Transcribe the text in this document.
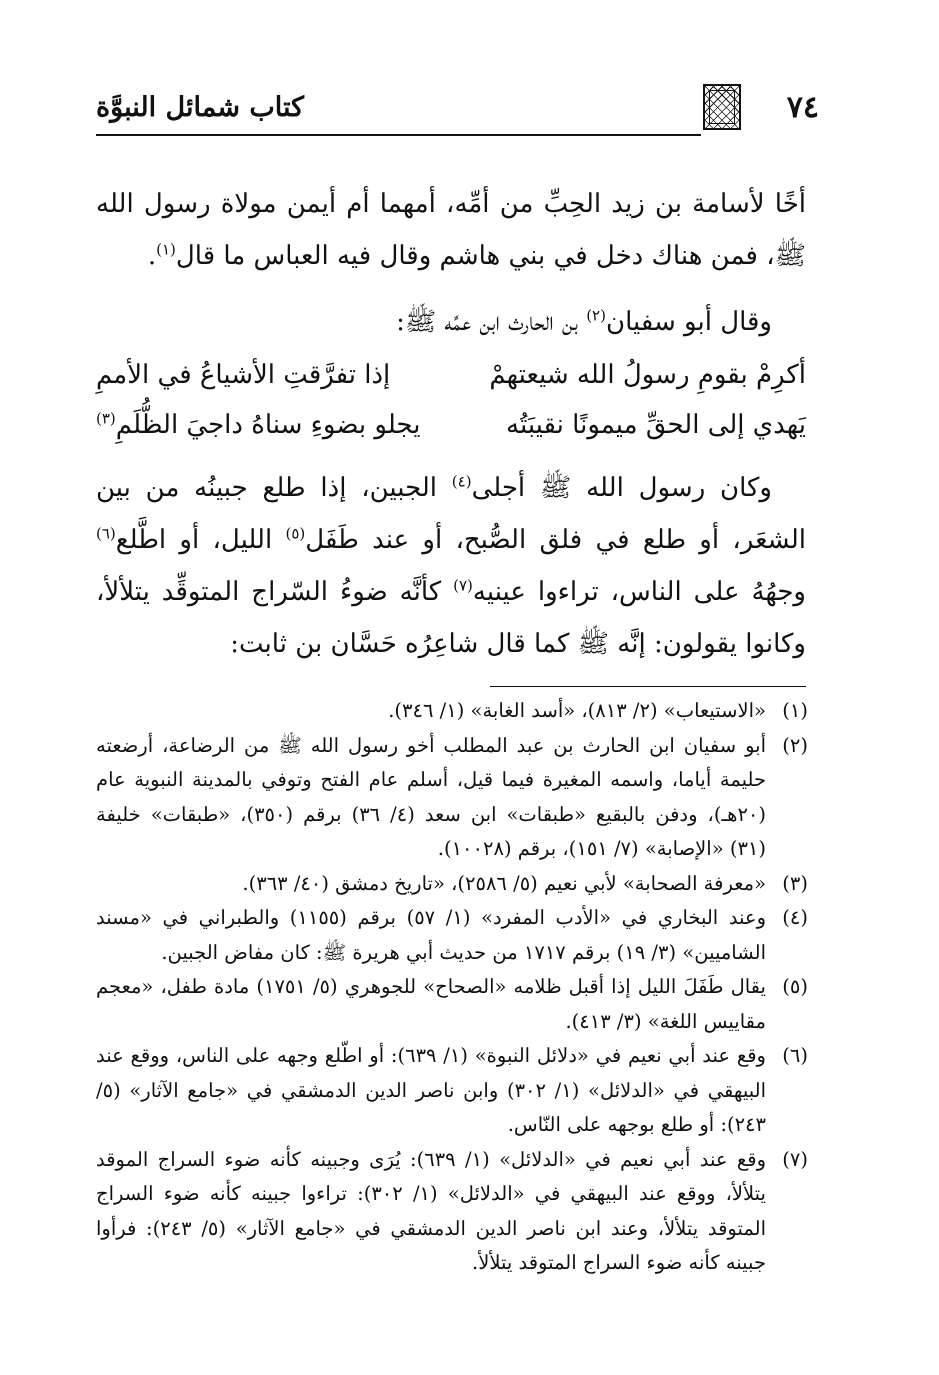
كتاب شمائل النبوَّة	٧٤

أخًا لأسامة بن زيد الحِبِّ من أمِّه، أمهما أم أيمن مولاة رسول الله ﷺ، فمن هناك دخل في بني هاشم وقال فيه العباس ما قال$^{(١)}$.

وقال أبو سفيان$^{(٢)}$ بن الحارث ابن عمِّه ﷺ:

أكرِمْ بقومِ رسولُ الله شيعتهمْ
إذا تفرَّقتِ الأشياعُ في الأممِ
يَهدي إلى الحقِّ ميمونًا نقيبَتُه
يجلو بضوءِ سناهُ داجيَ الظُّلَمِ$^{(٣)}$

وكان رسول الله ﷺ أجلى$^{(٤)}$ الجبين، إذا طلع جبينُه من بين الشعَر، أو طلع في فلق الصُّبح، أو عند طَفَل$^{(٥)}$ الليل، أو اطَّلع$^{(٦)}$ وجهُهُ على الناس، تراءوا عينيه$^{(٧)}$ كأنَّه ضوءُ السّراج المتوقِّد يتلألأ، وكانوا يقولون: إنَّه ﷺ كما قال شاعِرُه حَسَّان بن ثابت:

(١)
«الاستيعاب» (٢/ ٨١٣)، «أسد الغابة» (١/ ٣٤٦).
(٢)
أبو سفيان ابن الحارث بن عبد المطلب أخو رسول الله ﷺ من الرضاعة، أرضعته حليمة أياما، واسمه المغيرة فيما قيل، أسلم عام الفتح وتوفي بالمدينة النبوية عام (٢٠هـ)، ودفن بالبقيع «طبقات» ابن سعد (٤/ ٣٦) برقم (٣٥٠)، «طبقات» خليفة (٣١) «الإصابة» (٧/ ١٥١)، برقم (١٠٠٢٨).
(٣)
«معرفة الصحابة» لأبي نعيم (٥/ ٢٥٨٦)، «تاريخ دمشق (٤٠/ ٣٦٣).
(٤)
وعند البخاري في «الأدب المفرد» (١/ ٥٧) برقم (١١٥٥) والطبراني في «مسند الشاميين» (٣/ ١٩) برقم ١٧١٧ من حديث أبي هريرة ﷺ: كان مفاض الجبين.
(٥)
يقال طَفَلَ الليل إذا أقبل ظلامه «الصحاح» للجوهري (٥/ ١٧٥١) مادة طفل، «معجم مقاييس اللغة» (٣/ ٤١٣).
(٦)
وقع عند أبي نعيم في «دلائل النبوة» (١/ ٦٣٩): أو اطّلع وجهه على الناس، ووقع عند البيهقي في «الدلائل» (١/ ٣٠٢) وابن ناصر الدين الدمشقي في «جامع الآثار» (٥/ ٢٤٣): أو طلع بوجهه على النّاس.
(٧)
وقع عند أبي نعيم في «الدلائل» (١/ ٦٣٩): يُرَى وجبينه كأنه ضوء السراج الموقد يتلألأ، ووقع عند البيهقي في «الدلائل» (١/ ٣٠٢): تراءوا جبينه كأنه ضوء السراج المتوقد يتلألأ، وعند ابن ناصر الدين الدمشقي في «جامع الآثار» (٥/ ٢٤٣): فرأوا جبينه كأنه ضوء السراج المتوقد يتلألأ.
